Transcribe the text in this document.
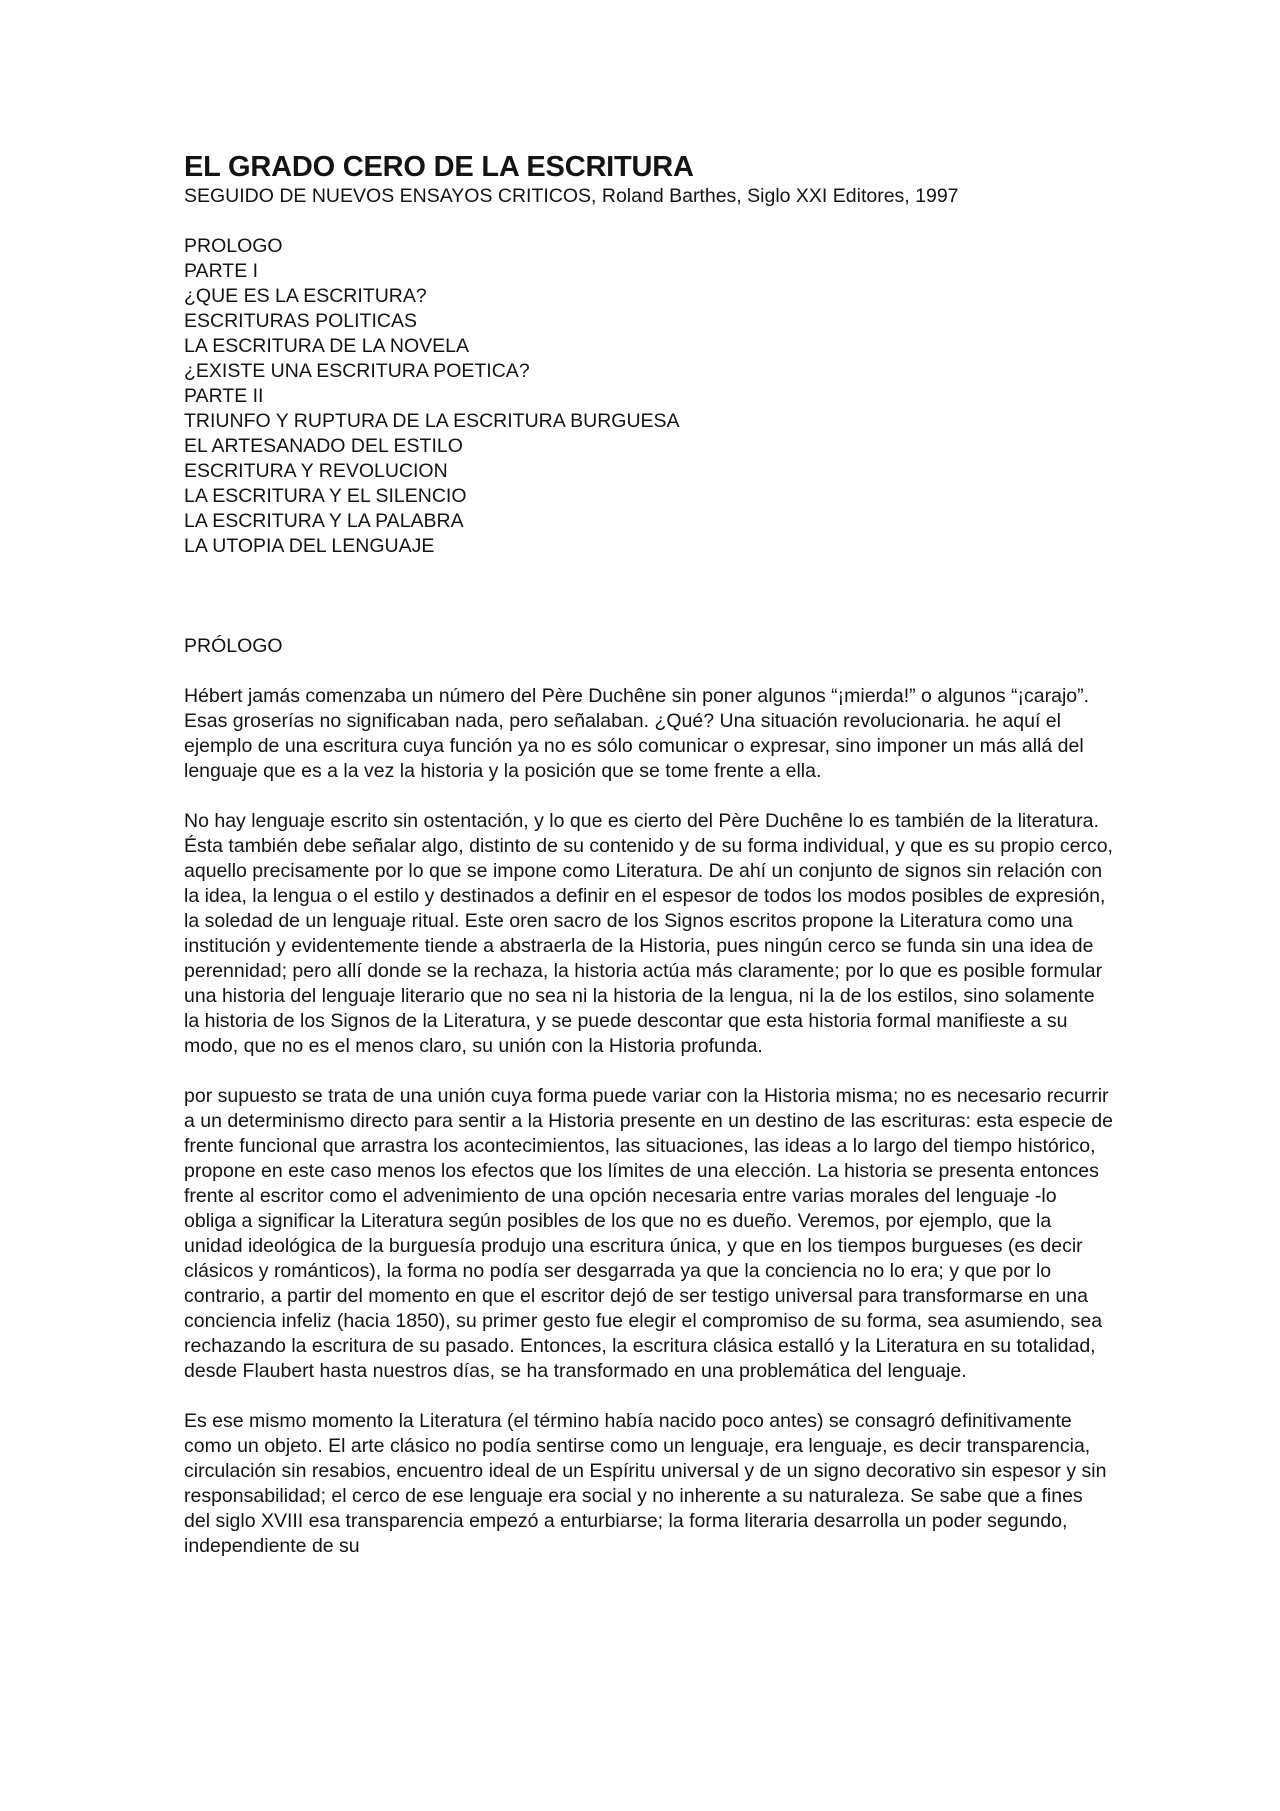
EL GRADO CERO DE LA ESCRITURA

SEGUIDO DE NUEVOS ENSAYOS CRITICOS, Roland Barthes, Siglo XXI Editores, 1997

PROLOGO
PARTE I
¿QUE ES LA ESCRITURA?
ESCRITURAS POLITICAS
LA ESCRITURA DE LA NOVELA
¿EXISTE UNA ESCRITURA POETICA?
PARTE II
TRIUNFO Y RUPTURA DE LA ESCRITURA BURGUESA
EL ARTESANADO DEL ESTILO
ESCRITURA Y REVOLUCION
LA ESCRITURA Y EL SILENCIO
LA ESCRITURA Y LA PALABRA
LA UTOPIA DEL LENGUAJE
PRÓLOGO

Hébert jamás comenzaba un número del Père Duchêne sin poner algunos “¡mierda!” o algunos “¡carajo”. Esas groserías no significaban nada, pero señalaban. ¿Qué? Una situación revolucionaria. he aquí el ejemplo de una escritura cuya función ya no es sólo comunicar o expresar, sino imponer un más allá del lenguaje que es a la vez la historia y la posición que se tome frente a ella.

No hay lenguaje escrito sin ostentación, y lo que es cierto del Père Duchêne lo es también de la literatura. Ésta también debe señalar algo, distinto de su contenido y de su forma individual, y que es su propio cerco, aquello precisamente por lo que se impone como Literatura. De ahí un conjunto de signos sin relación con la idea, la lengua o el estilo y destinados a definir en el espesor de todos los modos posibles de expresión, la soledad de un lenguaje ritual. Este oren sacro de los Signos escritos propone la Literatura como una institución y evidentemente tiende a abstraerla de la Historia, pues ningún cerco se funda sin una idea de perennidad; pero allí donde se la rechaza, la historia actúa más claramente; por lo que es posible formular una historia del lenguaje literario que no sea ni la historia de la lengua, ni la de los estilos, sino solamente la historia de los Signos de la Literatura, y se puede descontar que esta historia formal manifieste a su modo, que no es el menos claro, su unión con la Historia profunda.

por supuesto se trata de una unión cuya forma puede variar con la Historia misma; no es necesario recurrir a un determinismo directo para sentir a la Historia presente en un destino de las escrituras: esta especie de frente funcional que arrastra los acontecimientos, las situaciones, las ideas a lo largo del tiempo histórico, propone en este caso menos los efectos que los límites de una elección. La historia se presenta entonces frente al escritor como el advenimiento de una opción necesaria entre varias morales del lenguaje -lo obliga a significar la Literatura según posibles de los que no es dueño. Veremos, por ejemplo, que la unidad ideológica de la burguesía produjo una escritura única, y que en los tiempos burgueses (es decir clásicos y románticos), la forma no podía ser desgarrada ya que la conciencia no lo era; y que por lo contrario, a partir del momento en que el escritor dejó de ser testigo universal para transformarse en una conciencia infeliz (hacia 1850), su primer gesto fue elegir el compromiso de su forma, sea asumiendo, sea rechazando la escritura de su pasado. Entonces, la escritura clásica estalló y la Literatura en su totalidad, desde Flaubert hasta nuestros días, se ha transformado en una problemática del lenguaje.

Es ese mismo momento la Literatura (el término había nacido poco antes) se consagró definitivamente como un objeto. El arte clásico no podía sentirse como un lenguaje, era lenguaje, es decir transparencia, circulación sin resabios, encuentro ideal de un Espíritu universal y de un signo decorativo sin espesor y sin responsabilidad; el cerco de ese lenguaje era social y no inherente a su naturaleza. Se sabe que a fines del siglo XVIII esa transparencia empezó a enturbiarse; la forma literaria desarrolla un poder segundo, independiente de su
